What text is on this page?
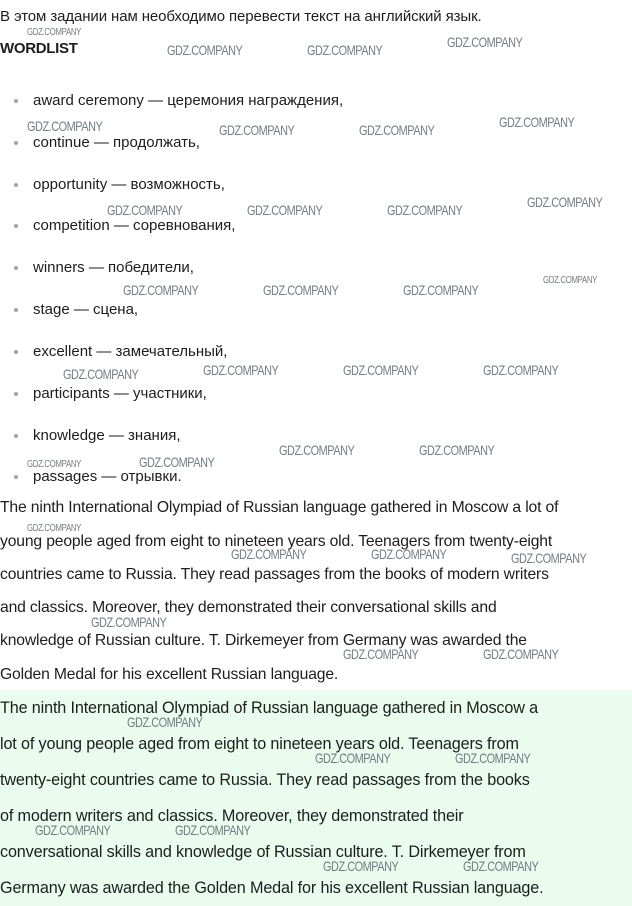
В этом задании нам необходимо перевести текст на английский язык.
WORDLIST
award ceremony — церемония награждения,
continue — продолжать,
opportunity — возможность,
competition — соревнования,
winners — победители,
stage — сцена,
excellent — замечательный,
participants — участники,
knowledge — знания,
passages — отрывки.
The ninth International Olympiad of Russian language gathered in Moscow a lot of
young people aged from eight to nineteen years old. Teenagers from twenty-eight
countries came to Russia. They read passages from the books of modern writers
and classics. Moreover, they demonstrated their conversational skills and
knowledge of Russian culture. T. Dirkemeyer from Germany was awarded the
Golden Medal for his excellent Russian language.
The ninth International Olympiad of Russian language gathered in Moscow a
lot of young people aged from eight to nineteen years old. Teenagers from
twenty-eight countries came to Russia. They read passages from the books
of modern writers and classics. Moreover, they demonstrated their
conversational skills and knowledge of Russian culture. T. Dirkemeyer from
Germany was awarded the Golden Medal for his excellent Russian language.
GDZ.COMPANY
GDZ.COMPANY	GDZ.COMPANY	GDZ.COMPANY
GDZ.COMPANY	GDZ.COMPANY	GDZ.COMPANY	GDZ.COMPANY
GDZ.COMPANY	GDZ.COMPANY	GDZ.COMPANY	GDZ.COMPANY
GDZ.COMPANY	GDZ.COMPANY	GDZ.COMPANY
GDZ.COMPANY
GDZ.COMPANY	GDZ.COMPANY	GDZ.COMPANY	GDZ.COMPANY
GDZ.COMPANY	GDZ.COMPANY
GDZ.COMPANY	GDZ.COMPANY
GDZ.COMPANY
GDZ.COMPANY	GDZ.COMPANY	GDZ.COMPANY
GDZ.COMPANY
GDZ.COMPANY	GDZ.COMPANY
GDZ.COMPANY
GDZ.COMPANY	GDZ.COMPANY
GDZ.COMPANY	GDZ.COMPANY
GDZ.COMPANY	GDZ.COMPANY
